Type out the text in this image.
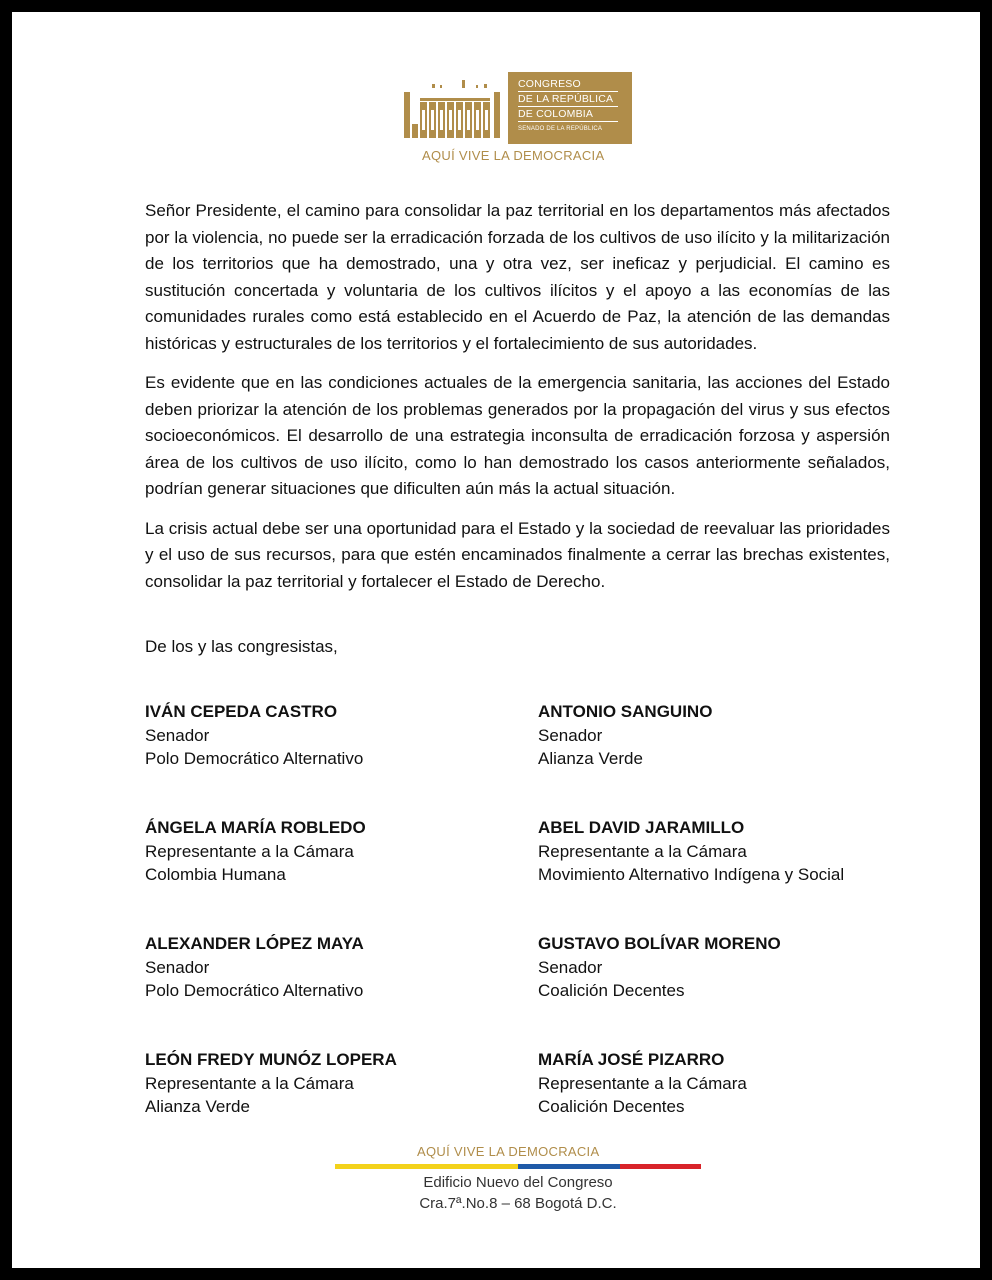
CONGRESO
DE LA REPÚBLICA
DE COLOMBIA
SENADO DE LA REPÚBLICA
AQUÍ VIVE LA DEMOCRACIA

Señor Presidente, el camino para consolidar la paz territorial en los departamentos más afectados por la violencia, no puede ser la erradicación forzada de los cultivos de uso ilícito y la militarización de los territorios que ha demostrado, una y otra vez, ser ineficaz y perjudicial. El camino es sustitución concertada y voluntaria de los cultivos ilícitos y el apoyo a las economías de las comunidades rurales como está establecido en el Acuerdo de Paz, la atención de las demandas históricas y estructurales de los territorios y el fortalecimiento de sus autoridades.

Es evidente que en las condiciones actuales de la emergencia sanitaria, las acciones del Estado deben priorizar la atención de los problemas generados por la propagación del virus y sus efectos socioeconómicos. El desarrollo de una estrategia inconsulta de erradicación forzosa y aspersión área de los cultivos de uso ilícito, como lo han demostrado los casos anteriormente señalados, podrían generar situaciones que dificulten aún más la actual situación.

La crisis actual debe ser una oportunidad para el Estado y la sociedad de reevaluar las prioridades y el uso de sus recursos, para que estén encaminados finalmente a cerrar las brechas existentes, consolidar la paz territorial y fortalecer el Estado de Derecho.

De los y las congresistas,
IVÁN CEPEDA CASTRO
Senador
Polo Democrático Alternativo
ANTONIO SANGUINO
Senador
Alianza Verde
ÁNGELA MARÍA ROBLEDO
Representante a la Cámara
Colombia Humana
ABEL DAVID JARAMILLO
Representante a la Cámara
Movimiento Alternativo Indígena y Social
ALEXANDER LÓPEZ MAYA
Senador
Polo Democrático Alternativo
GUSTAVO BOLÍVAR MORENO
Senador
Coalición Decentes
LEÓN FREDY MUNÓZ LOPERA
Representante a la Cámara
Alianza Verde
MARÍA JOSÉ PIZARRO
Representante a la Cámara
Coalición Decentes
AQUÍ VIVE LA DEMOCRACIA
Edificio Nuevo del Congreso
Cra.7ª.No.8 – 68 Bogotá D.C.
